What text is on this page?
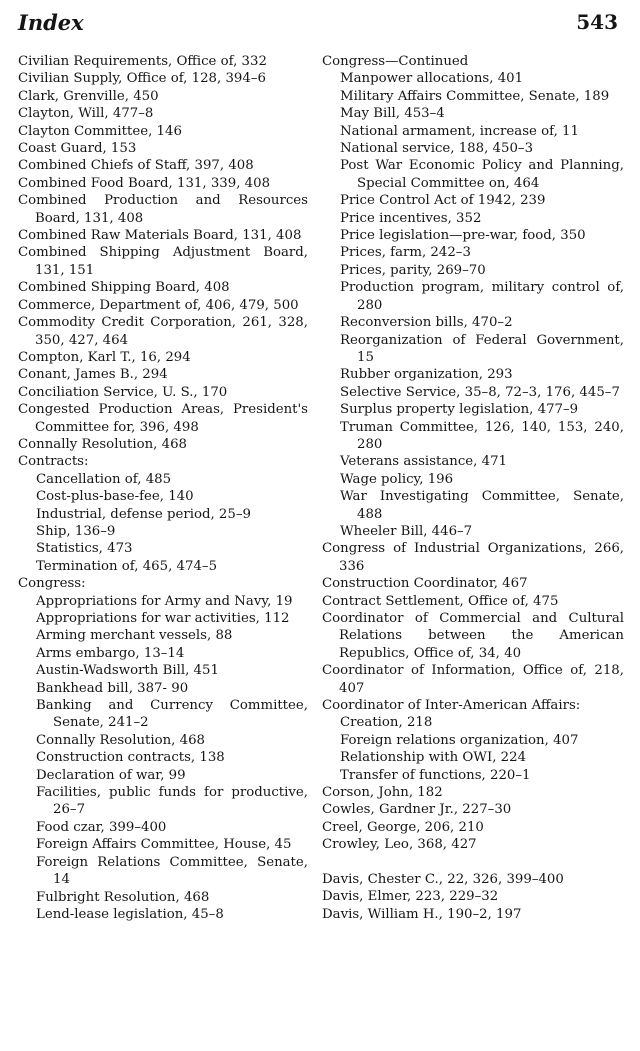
Index	543
Civilian Requirements, Office of, 332
Civilian Supply, Office of, 128, 394–6
Clark, Grenville, 450
Clayton, Will, 477–8
Clayton Committee, 146
Coast Guard, 153
Combined Chiefs of Staff, 397, 408
Combined Food Board, 131, 339, 408
Combined Production and Resources Board, 131, 408
Combined Raw Materials Board, 131, 408
Combined Shipping Adjustment Board, 131, 151
Combined Shipping Board, 408
Commerce, Department of, 406, 479, 500
Commodity Credit Corporation, 261, 328, 350, 427, 464
Compton, Karl T., 16, 294
Conant, James B., 294
Conciliation Service, U. S., 170
Congested Production Areas, President's Committee for, 396, 498
Connally Resolution, 468
Contracts:
Cancellation of, 485
Cost-plus-base-fee, 140
Industrial, defense period, 25–9
Ship, 136–9
Statistics, 473
Termination of, 465, 474–5
Congress:
Appropriations for Army and Navy, 19
Appropriations for war activities, 112
Arming merchant vessels, 88
Arms embargo, 13–14
Austin-Wadsworth Bill, 451
Bankhead bill, 387- 90
Banking and Currency Committee, Senate, 241–2
Connally Resolution, 468
Construction contracts, 138
Declaration of war, 99
Facilities, public funds for productive, 26–7
Food czar, 399–400
Foreign Affairs Committee, House, 45
Foreign Relations Committee, Senate, 14
Fulbright Resolution, 468
Lend-lease legislation, 45–8
Congress—Continued
Manpower allocations, 401
Military Affairs Committee, Senate, 189
May Bill, 453–4
National armament, increase of, 11
National service, 188, 450–3
Post War Economic Policy and Planning, Special Committee on, 464
Price Control Act of 1942, 239
Price incentives, 352
Price legislation—pre-war, food, 350
Prices, farm, 242–3
Prices, parity, 269–70
Production program, military control of, 280
Reconversion bills, 470–2
Reorganization of Federal Government, 15
Rubber organization, 293
Selective Service, 35–8, 72–3, 176, 445–7
Surplus property legislation, 477–9
Truman Committee, 126, 140, 153, 240, 280
Veterans assistance, 471
Wage policy, 196
War Investigating Committee, Senate, 488
Wheeler Bill, 446–7
Congress of Industrial Organizations, 266, 336
Construction Coordinator, 467
Contract Settlement, Office of, 475
Coordinator of Commercial and Cultural Relations between the American Republics, Office of, 34, 40
Coordinator of Information, Office of, 218, 407
Coordinator of Inter-American Affairs:
Creation, 218
Foreign relations organization, 407
Relationship with OWI, 224
Transfer of functions, 220–1
Corson, John, 182
Cowles, Gardner Jr., 227–30
Creel, George, 206, 210
Crowley, Leo, 368, 427
Davis, Chester C., 22, 326, 399–400
Davis, Elmer, 223, 229–32
Davis, William H., 190–2, 197
